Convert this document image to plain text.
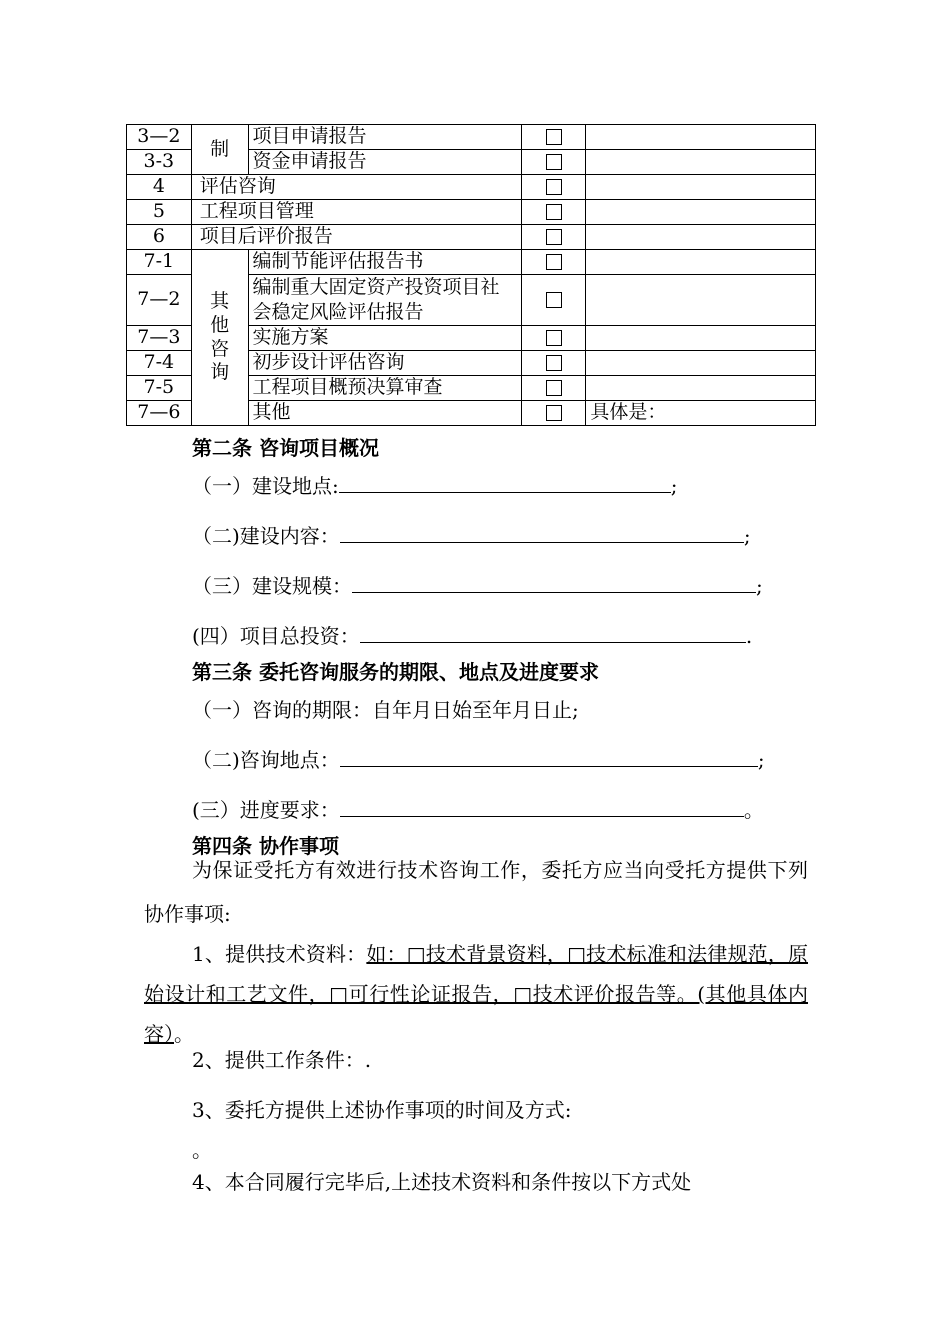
3—2	制	项目申请报告		
3-3		资金申请报告		
4	评估咨询			
5	工程项目管理			
6	项目后评价报告			
7-1	其他咨询	编制节能评估报告书		
7—2		编制重大固定资产投资项目社会稳定风险评估报告		
7—3		实施方案		
7-4		初步设计评估咨询		
7-5		工程项目概预决算审查		
7—6		其他		具体是：
第二条 咨询项目概况
（一）建设地点:	;
（二)建设内容：	;
（三）建设规模：	;
(四）项目总投资：	.
第三条 委托咨询服务的期限、地点及进度要求
（一）咨询的期限：自年月日始至年月日止;
（二)咨询地点：	;
(三）进度要求：	。
第四条 协作事项
为保证受托方有效进行技术咨询工作，委托方应当向受托方提供下列协作事项:
1、提供技术资料：如：□技术背景资料，□技术标准和法律规范，原始设计和工艺文件，□可行性论证报告，□技术评价报告等。(其他具体内容）。
2、提供工作条件：.
3、委托方提供上述协作事项的时间及方式:
。
4、本合同履行完毕后,上述技术资料和条件按以下方式处
